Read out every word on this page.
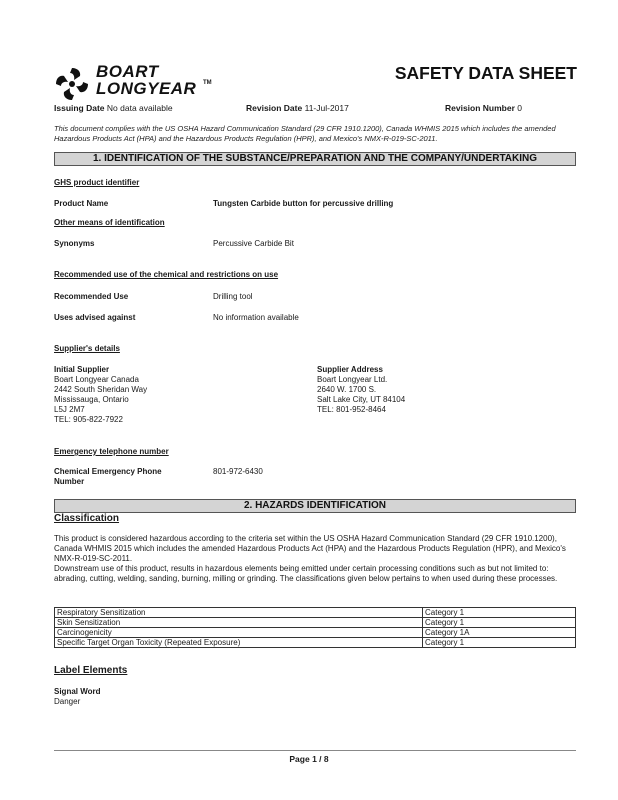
BOART
LONGYEAR TM	SAFETY DATA SHEET
Issuing Date No data available	Revision Date 11-Jul-2017	Revision Number 0
This document complies with the US OSHA Hazard Communication Standard (29 CFR 1910.1200), Canada WHMIS 2015 which includes the amended Hazardous Products Act (HPA) and the Hazardous Products Regulation (HPR), and Mexico's NMX-R-019-SC-2011.
1. IDENTIFICATION OF THE SUBSTANCE/PREPARATION AND THE COMPANY/UNDERTAKING
GHS product identifier
Product Name	Tungsten Carbide button for percussive drilling
Other means of identification
Synonyms	Percussive Carbide Bit
Recommended use of the chemical and restrictions on use
Recommended Use	Drilling tool
Uses advised against	No information available
Supplier's details
Initial Supplier
Boart Longyear Canada
2442 South Sheridan Way
Mississauga, Ontario
L5J 2M7
TEL: 905-822-7922
Supplier Address
Boart Longyear Ltd.
2640 W. 1700 S.
Salt Lake City, UT 84104
TEL: 801-952-8464
Emergency telephone number
Chemical Emergency Phone
Number
801-972-6430
2. HAZARDS IDENTIFICATION
Classification
This product is considered hazardous according to the criteria set within the US OSHA Hazard Communication Standard (29 CFR 1910.1200), Canada WHMIS 2015 which includes the amended Hazardous Products Act (HPA) and the Hazardous Products Regulation (HPR), and Mexico's NMX-R-019-SC-2011.
Downstream use of this product, results in hazardous elements being emitted under certain processing conditions such as but not limited to: abrading, cutting, welding, sanding, burning, milling or grinding. The classifications given below pertains to when used during these processes.
Respiratory Sensitization	Category 1
Skin Sensitization	Category 1
Carcinogenicity	Category 1A
Specific Target Organ Toxicity (Repeated Exposure)	Category 1
Label Elements
Signal Word
Danger
Page 1 / 8
